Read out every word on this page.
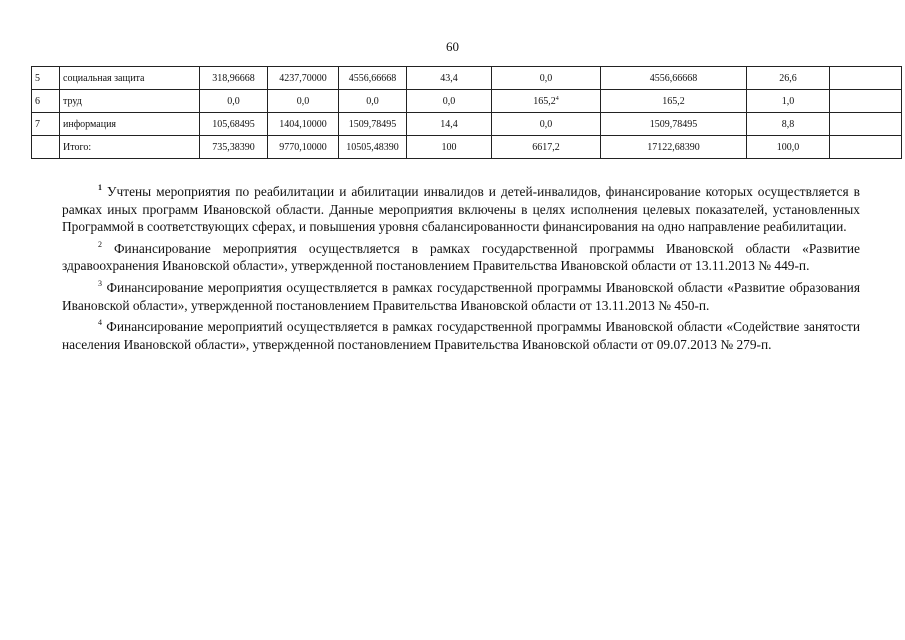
60
5	социальная защита	318,96668	4237,70000	4556,66668	43,4	0,0	4556,66668	26,6	
6	труд	0,0	0,0	0,0	0,0	165,2$^4$	165,2	1,0	
7	информация	105,68495	1404,10000	1509,78495	14,4	0,0	1509,78495	8,8	
	Итого:	735,38390	9770,10000	10505,48390	100	6617,2	17122,68390	100,0	

$^1$ Учтены мероприятия по реабилитации и абилитации инвалидов и детей-инвалидов, финансирование которых осуществляется в рамках иных программ Ивановской области. Данные мероприятия включены в целях исполнения целевых показателей, установленных Программой в соответствующих сферах, и повышения уровня сбалансированности финансирования на одно направление реабилитации.

$^2$ Финансирование мероприятия осуществляется в рамках государственной программы Ивановской области «Развитие здравоохранения Ивановской области», утвержденной постановлением Правительства Ивановской области от 13.11.2013 № 449-п.

$^3$ Финансирование мероприятия осуществляется в рамках государственной программы Ивановской области «Развитие образования Ивановской области», утвержденной постановлением Правительства Ивановской области от 13.11.2013 № 450-п.

$^4$ Финансирование мероприятий осуществляется в рамках государственной программы Ивановской области «Содействие занятости населения Ивановской области», утвержденной постановлением Правительства Ивановской области от 09.07.2013 № 279-п.
